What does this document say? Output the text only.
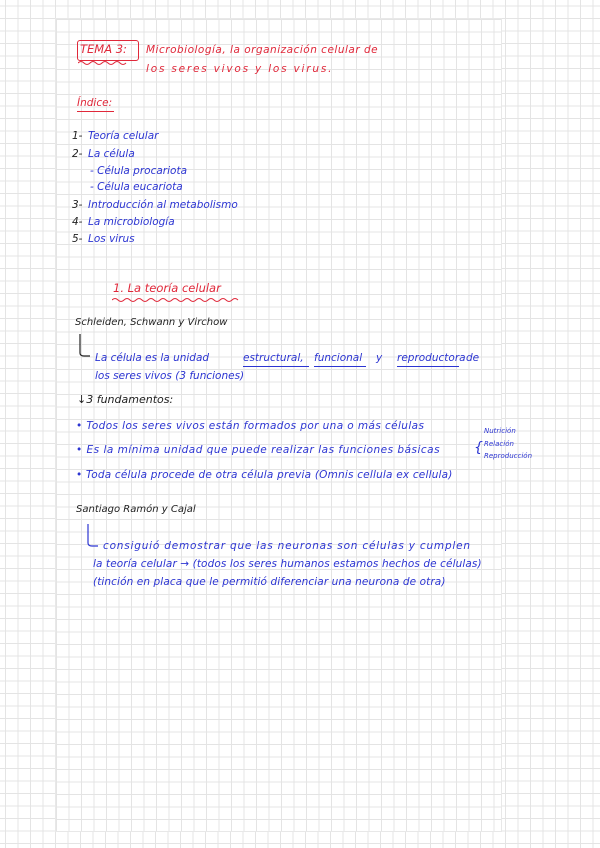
TEMA 3: Microbiología, la organización celular de
los seres vivos y los virus.
Índice:
1- Teoría celular
2- La célula
- Célula procariota
- Célula eucariota
3- Introducción al metabolismo
4- La microbiología
5- Los virus
1. La teoría celular
Schleiden, Schwann y Virchow
La célula es la unidad	estructural, funcional y reproductora de
los seres vivos (3 funciones)
↓3 fundamentos:
• Todos los seres vivos están formados por una o más células
• Es la mínima unidad que puede realizar las funciones básicas
• Toda célula procede de otra célula previa (Omnis cellula ex cellula)
{
Nutrición
Relación
Reproducción
Santiago Ramón y Cajal
consiguió demostrar que las neuronas son células y cumplen
la teoría celular → (todos los seres humanos estamos hechos de células)
(tinción en placa que le permitió diferenciar una neurona de otra)
